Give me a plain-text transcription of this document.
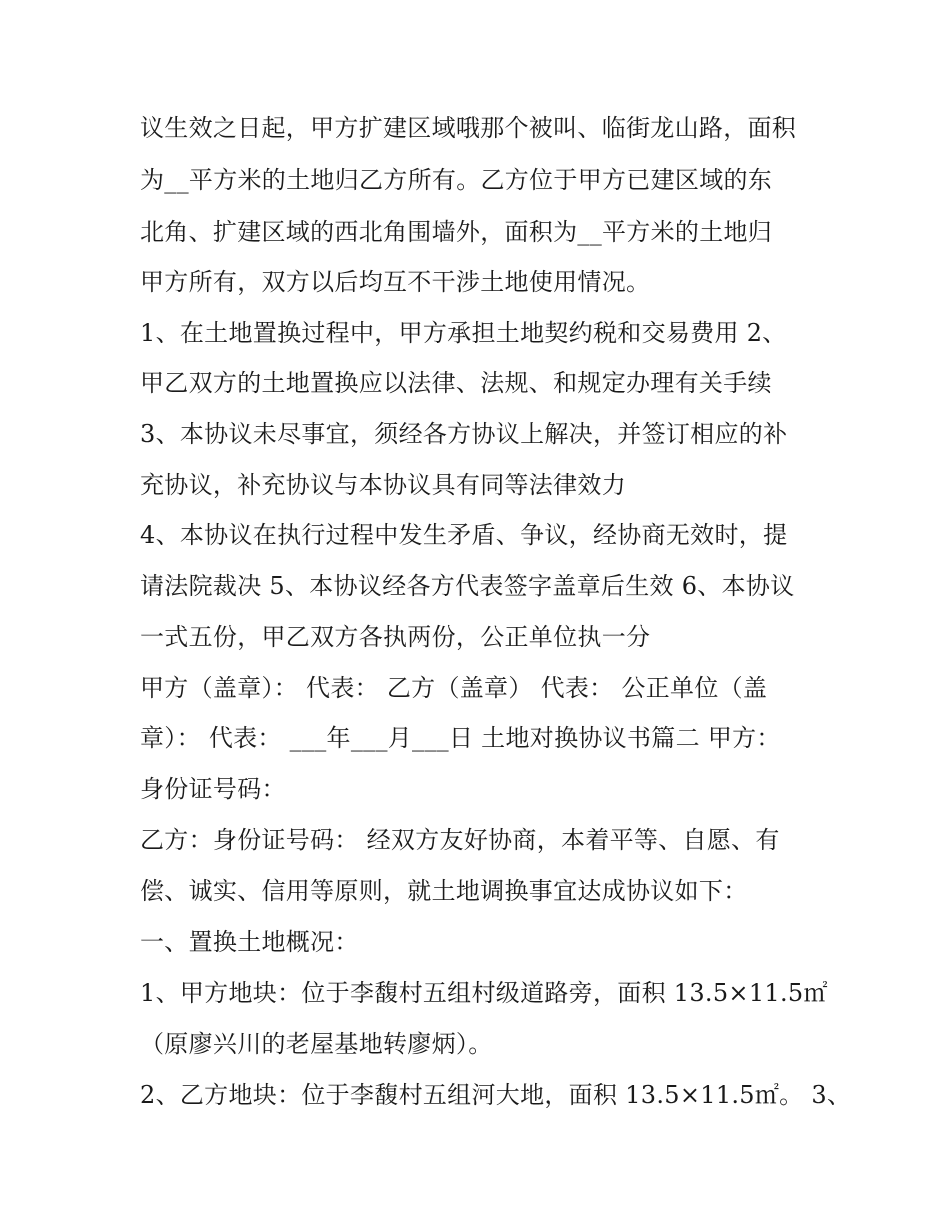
议生效之日起，甲方扩建区域哦那个被叫、临街龙山路，面积
为__平方米的土地归乙方所有。乙方位于甲方已建区域的东
北角、扩建区域的西北角围墙外，面积为__平方米的土地归
甲方所有，双方以后均互不干涉土地使用情况。
1、在土地置换过程中，甲方承担土地契约税和交易费用 2、
甲乙双方的土地置换应以法律、法规、和规定办理有关手续
3、本协议未尽事宜，须经各方协议上解决，并签订相应的补
充协议，补充协议与本协议具有同等法律效力
4、本协议在执行过程中发生矛盾、争议，经协商无效时，提
请法院裁决 5、本协议经各方代表签字盖章后生效 6、本协议
一式五份，甲乙双方各执两份，公正单位执一分
甲方（盖章）： 代表： 乙方（盖章） 代表： 公正单位（盖
章）： 代表： ___年___月___日 土地对换协议书篇二 甲方：
身份证号码：
乙方：身份证号码： 经双方友好协商，本着平等、自愿、有
偿、诚实、信用等原则，就土地调换事宜达成协议如下：
一、置换土地概况：
1、甲方地块：位于李馥村五组村级道路旁，面积 13.5×11.5㎡
（原廖兴川的老屋基地转廖炳）。
2、乙方地块：位于李馥村五组河大地，面积 13.5×11.5㎡。 3、
